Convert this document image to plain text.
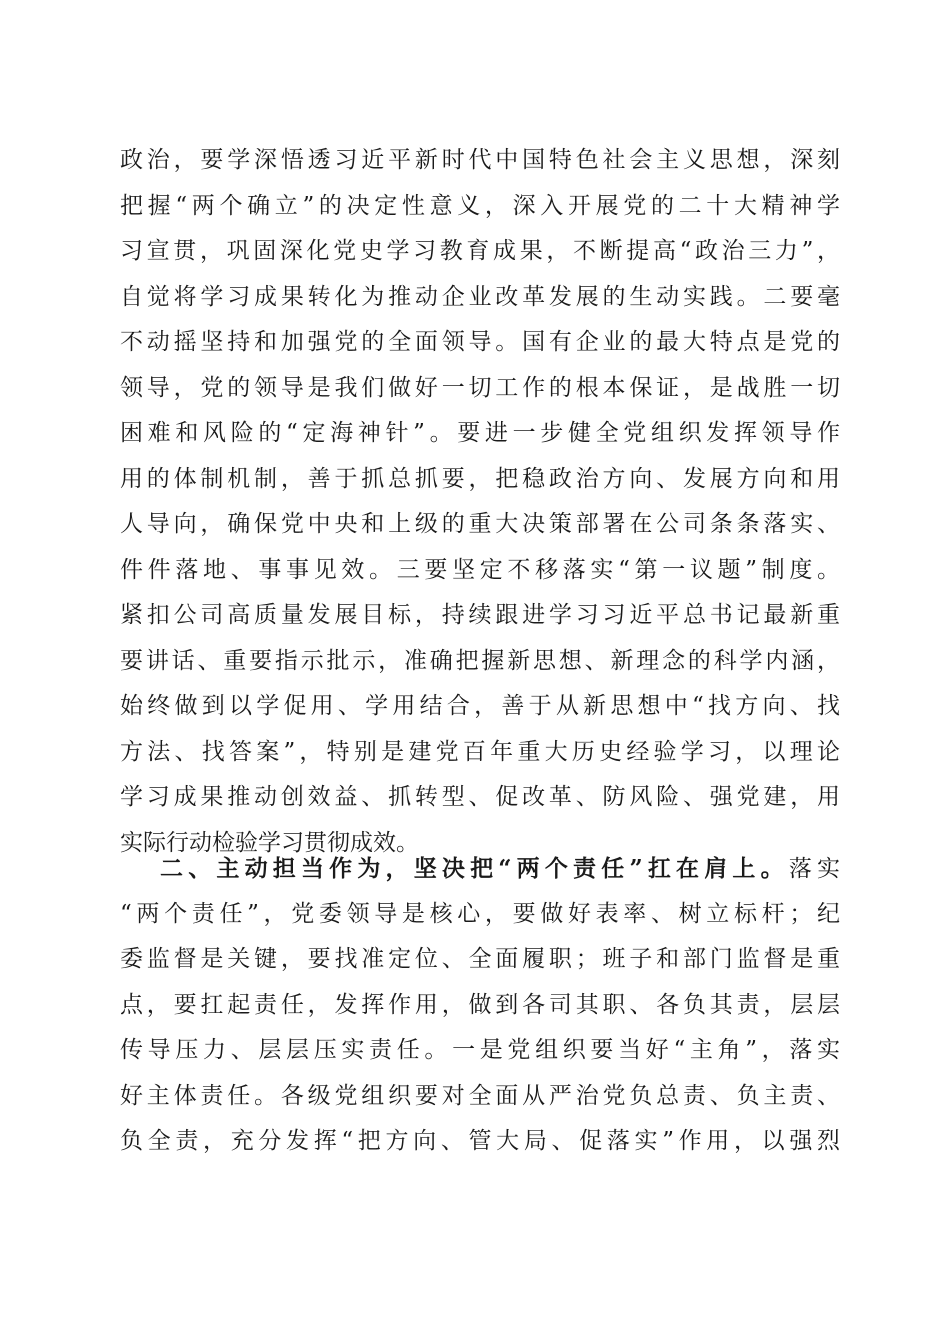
政治，要学深悟透习近平新时代中国特色社会主义思想，深刻
把握“两个确立”的决定性意义，深入开展党的二十大精神学
习宣贯，巩固深化党史学习教育成果，不断提高“政治三力”，
自觉将学习成果转化为推动企业改革发展的生动实践。二要毫
不动摇坚持和加强党的全面领导。国有企业的最大特点是党的
领导，党的领导是我们做好一切工作的根本保证，是战胜一切
困难和风险的“定海神针”。要进一步健全党组织发挥领导作
用的体制机制，善于抓总抓要，把稳政治方向、发展方向和用
人导向，确保党中央和上级的重大决策部署在公司条条落实、
件件落地、事事见效。三要坚定不移落实“第一议题”制度。
紧扣公司高质量发展目标，持续跟进学习习近平总书记最新重
要讲话、重要指示批示，准确把握新思想、新理念的科学内涵，
始终做到以学促用、学用结合，善于从新思想中“找方向、找
方法、找答案”，特别是建党百年重大历史经验学习，以理论
学习成果推动创效益、抓转型、促改革、防风险、强党建，用
实际行动检验学习贯彻成效。
二、主动担当作为，坚决把“两个责任”扛在肩上。落实
“两个责任”，党委领导是核心，要做好表率、树立标杆；纪
委监督是关键，要找准定位、全面履职；班子和部门监督是重
点，要扛起责任，发挥作用，做到各司其职、各负其责，层层
传导压力、层层压实责任。一是党组织要当好“主角”，落实
好主体责任。各级党组织要对全面从严治党负总责、负主责、
负全责，充分发挥“把方向、管大局、促落实”作用，以强烈
